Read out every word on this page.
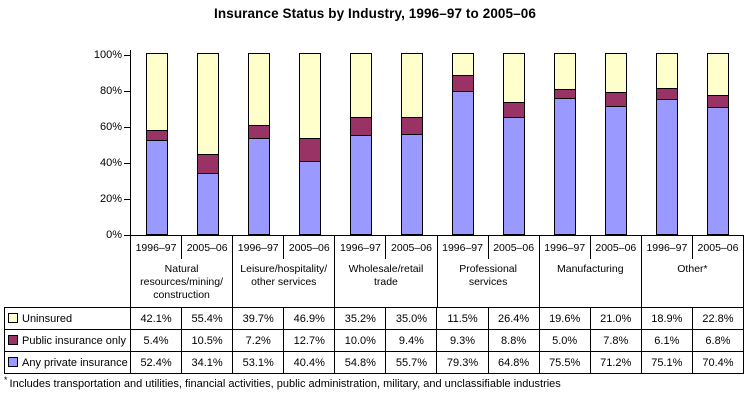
Insurance Status by Industry, 1996–97 to 2005–06
0%
20%
40%
60%
80%
100%
1996–97 2005–06
Natural
resources/mining/
construction
1996–97 2005–06
Leisure/hospitality/
other services
1996–97 2005–06
Wholesale/retail
trade
1996–97 2005–06
Professional
services
1996–97 2005–06
Manufacturing
1996–97 2005–06
Other*
Uninsured	42.1%	55.4%	39.7%	46.9%	35.2%	35.0%	11.5%	26.4%	19.6%	21.0%	18.9%	22.8%
Public insurance only	5.4%	10.5%	7.2%	12.7%	10.0%	9.4%	9.3%	8.8%	5.0%	7.8%	6.1%	6.8%
Any private insurance	52.4%	34.1%	53.1%	40.4%	54.8%	55.7%	79.3%	64.8%	75.5%	71.2%	75.1%	70.4%
* Includes transportation and utilities, financial activities, public administration, military, and unclassifiable industries
